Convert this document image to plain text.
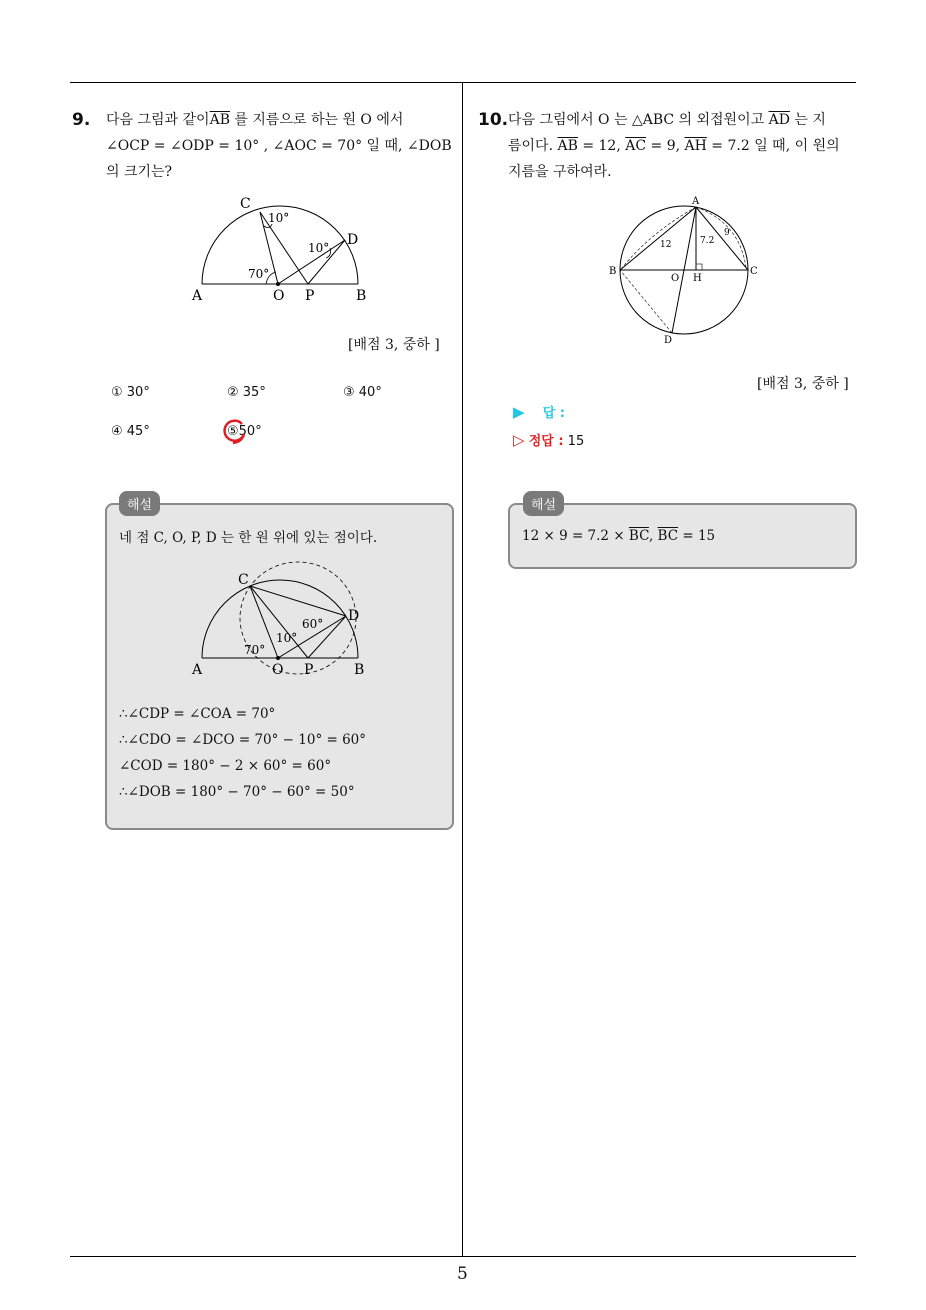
9. 다음 그림과 같이$\overline{AB}$ 를 지름으로 하는 원 O 에서
∠OCP = ∠ODP = 10° , ∠AOC = 70° 일 때, ∠DOB
의 크기는?
C
D
A	O P	B
10°
10°
70°
[배점 3, 중하 ]
① 30°	② 35°	③ 40°
④ 45°	⑤50°
해설
네 점 C, O, P, D 는 한 원 위에 있는 점이다.
C
D
A	O P	B
60°
10°
70°
∴∠CDP = ∠COA = 70°
∴∠CDO = ∠DCO = 70° − 10° = 60°
∠COD = 180° − 2 × 60° = 60°
∴∠DOB = 180° − 70° − 60° = 50°
10. 다음 그림에서 O 는 △ABC 의 외접원이고 $\overline{AD}$ 는 지
름이다. $\overline{AB} = 12$, $\overline{AC} = 9$, $\overline{AH} = 7.2$ 일 때, 이 원의
지름을 구하여라.
A
B	C
O H
D
12	7.2
9
[배점 3, 중하 ]
▶ 답 :
▷ 정답 : 15
해설
$12 \times 9 = 7.2 \times \overline{BC}$, $\overline{BC} = 15$
5
